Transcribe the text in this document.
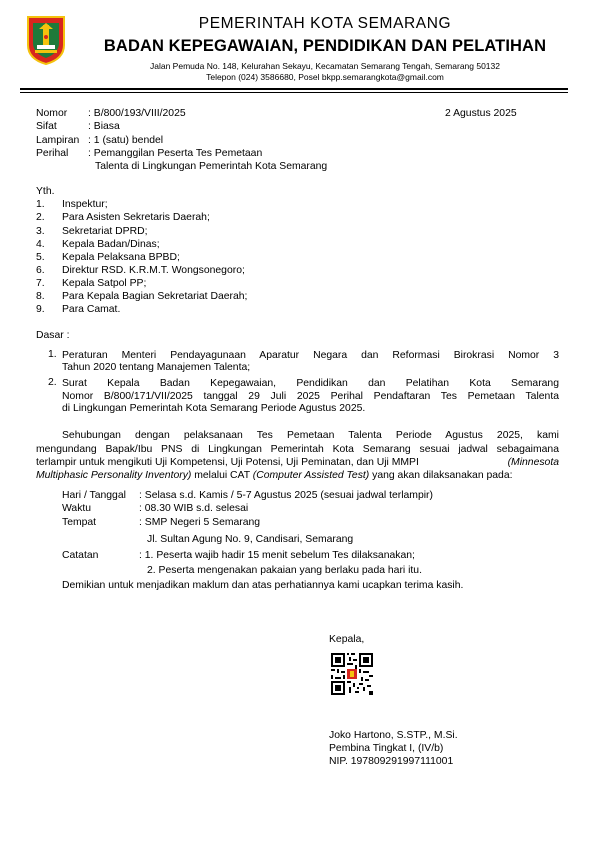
PEMERINTAH KOTA SEMARANG
BADAN KEPEGAWAIAN, PENDIDIKAN DAN PELATIHAN
Jalan Pemuda No. 148, Kelurahan Sekayu, Kecamatan Semarang Tengah, Semarang 50132
Telepon (024) 3586680, Posel bkpp.semarangkota@gmail.com
Nomor : B/800/193/VIII/2025	2 Agustus 2025
Sifat	: Biasa
Lampiran : 1 (satu) bendel
Perihal : Pemanggilan Peserta Tes Pemetaan
Talenta di Lingkungan Pemerintah Kota Semarang
Yth.
1. Inspektur;
2. Para Asisten Sekretaris Daerah;
3. Sekretariat DPRD;
4. Kepala Badan/Dinas;
5. Kepala Pelaksana BPBD;
6. Direktur RSD. K.R.M.T. Wongsonegoro;
7. Kepala Satpol PP;
8. Para Kepala Bagian Sekretariat Daerah;
9. Para Camat.
Dasar :
1. Peraturan Menteri Pendayagunaan Aparatur Negara dan Reformasi Birokrasi Nomor 3
Tahun 2020 tentang Manajemen Talenta;
2. Surat Kepala Badan Kepegawaian, Pendidikan dan Pelatihan Kota Semarang
Nomor B/800/171/VII/2025 tanggal 29 Juli 2025 Perihal Pendaftaran Tes Pemetaan Talenta
di Lingkungan Pemerintah Kota Semarang Periode Agustus 2025.
Sehubungan dengan pelaksanaan Tes Pemetaan Talenta Periode Agustus 2025, kami
mengundang Bapak/Ibu PNS di Lingkungan Pemerintah Kota Semarang sesuai jadwal sebagaimana
terlampir untuk mengikuti Uji Kompetensi, Uji Potensi, Uji Peminatan, dan Uji MMPI	(Minnesota
Multiphasic Personality Inventory) melalui CAT (Computer Assisted Test) yang akan dilaksanakan pada:
Hari / Tanggal : Selasa s.d. Kamis / 5-7 Agustus 2025 (sesuai jadwal terlampir)
Waktu	: 08.30 WIB s.d. selesai
Tempat	: SMP Negeri 5 Semarang
Jl. Sultan Agung No. 9, Candisari, Semarang
Catatan	: 1. Peserta wajib hadir 15 menit sebelum Tes dilaksanakan;
2. Peserta mengenakan pakaian yang berlaku pada hari itu.
Demikian untuk menjadikan maklum dan atas perhatiannya kami ucapkan terima kasih.
Kepala,
Joko Hartono, S.STP., M.Si.
Pembina Tingkat I, (IV/b)
NIP. 197809291997111001
